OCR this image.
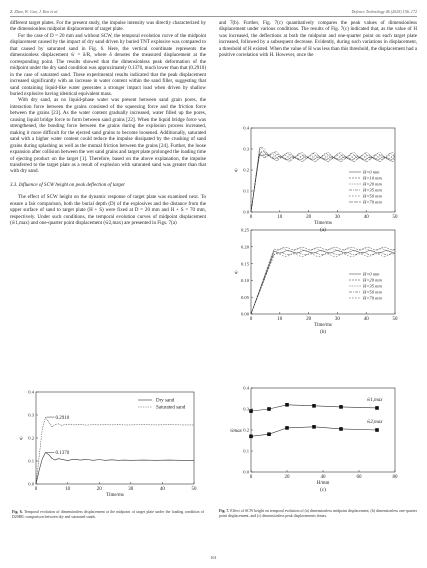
Z. Zhao, W. Gao, J. Ren et al.	Defence Technology 46 (2025) 156–172

different target plates. For the present study, the impulse intensity was directly characterized by the dimensionless midpoint displacement of target plate.

For the case of D = 20 mm and without SCW, the temporal evolution curve of the midpoint displacement caused by the impact of dry sand driven by buried TNT explosive was compared to that caused by saturated sand in Fig. 6. Here, the vertical coordinate represents the dimensionless displacement w̄ = δ/R, where δ denotes the measured displacement at the corresponding point. The results showed that the dimensionless peak deformation of the midpoint under the dry sand condition was approximately 0.1370, much lower than that (0.2910) in the case of saturated sand. These experimental results indicated that the peak displacement increased significantly with an increase in water content within the sand filler, suggesting that sand containing liquid-like water generates a stronger impact load when driven by shallow buried explosive having identical equivalent mass.

With dry sand, as no liquid-phase water was present between sand grain pores, the interaction force between the grains consisted of the squeezing force and the friction force between the grains [23]. As the water content gradually increased, water filled up the pores, causing liquid bridge force to form between sand grains [22]. When the liquid bridge force was strengthened, the bonding force between the grains during the explosion process increased, making it more difficult for the ejected sand grains to become loosened. Additionally, saturated sand with a higher water content could reduce the impulse dissipated by the crushing of sand grains during splashing as well as the mutual friction between the grains [24]. Further, the loose expansion after collision between the wet sand grains and target plate prolonged the loading time of ejecting product on the target [1]. Therefore, based on the above explanation, the impulse transferred to the target plate as a result of explosion with saturated sand was greater than that with dry sand.

3.3. Influence of SCW height on peak deflection of target

The effect of SCW height on the dynamic response of target plate was examined next. To ensure a fair comparison, both the burial depth (D) of the explosives and the distance from the upper surface of sand to target plate (H + S) were fixed at D = 20 mm and H + S = 70 mm, respectively. Under such conditions, the temporal evolution curves of midpoint displacement (w̄1,max) and one-quarter point displacement (w̄2,max) are presented in Figs. 7(a)

and 7(b). Further, Fig. 7(c) quantitatively compares the peak values of dimensionless displacement under various conditions. The results of Fig. 7(c) indicated that, as the value of H was increased, the deflections at both the midpoint and one-quarter point on each target plate increased, followed by a subsequent decrease. Evidently, during such variations in displacement, a threshold of H existed. When the value of H was less than this threshold, the displacement had a positive correlation with H. However, once the

0	10	20	30	40	50
0.0
0.1
0.2
0.3
0.4
Time/ms
w̄
Dry sand
Saturated sand
0.2910
0.1370
Fig. 6. Temporal evolution of dimensionless displacement at the midpoint of target plate under the loading condition of D20H0: comparison between dry and saturated sands.
0	10	20	30	40	50
0.0
0.1
0.2
0.3
0.4
Time/ms
w̄	H=0 mm
H=10 mm
H=20 mm
H=35 mm
H=50 mm
H=70 mm
(a)
0	10	20	30	40	50
0.00
0.05
0.10
0.15
0.20
0.25
Time/ms
w̄	H=0 mm
H=20 mm
H=35 mm
H=50 mm
H=70 mm
(b)
0	20	40	60	80
0.0
0.1
0.2
0.3
0.4
H/mm
w̄max
w̄1,max
w̄2,max
(c)
Fig. 7. Effect of SCW height on temporal evolution of (a) dimensionless midpoint displacement, (b) dimensionless one-quarter point displacement, and (c) dimensionless peak displacements w̄max.
161
